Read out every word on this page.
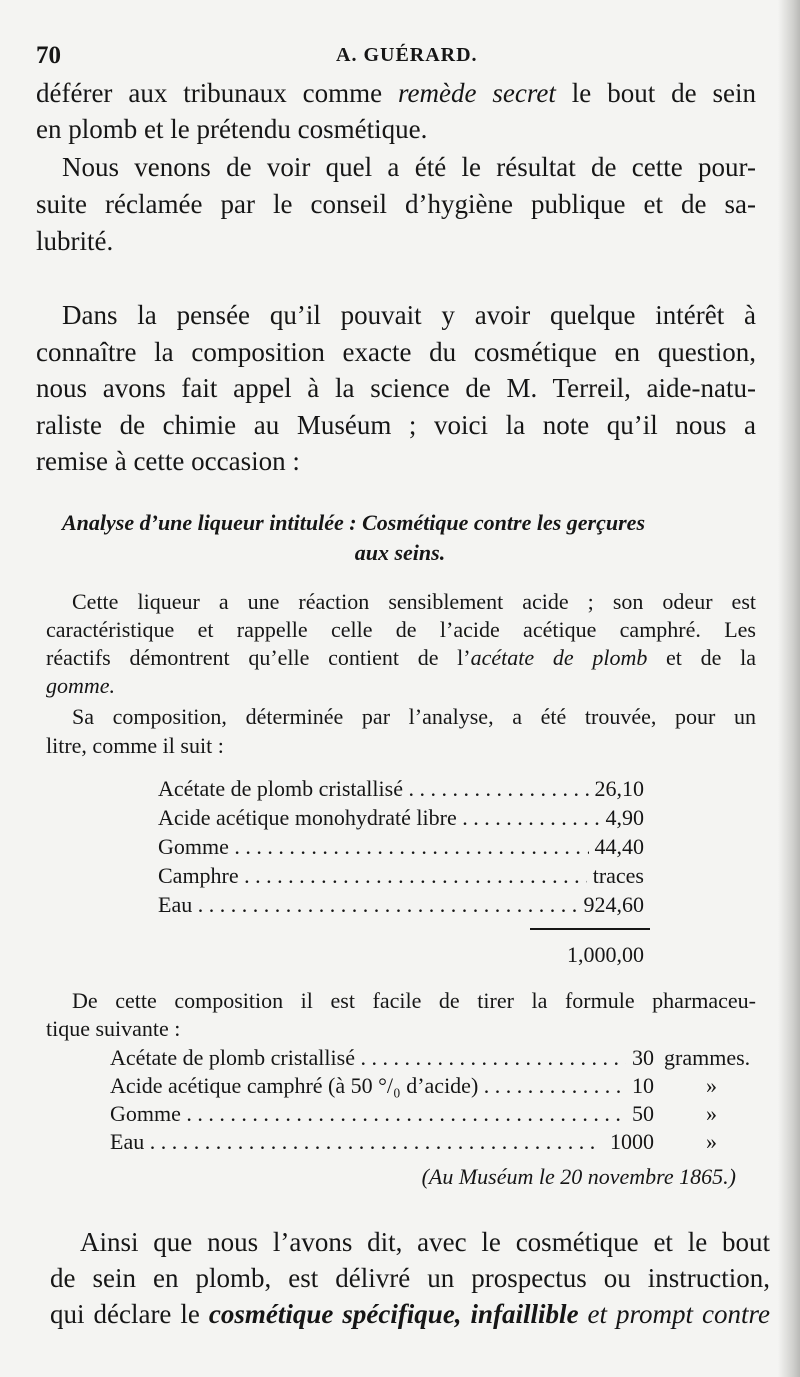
70	A. GUÉRARD.
déférer aux tribunaux comme remède secret le bout de sein
en plomb et le prétendu cosmétique.
Nous venons de voir quel a été le résultat de cette pour-
suite réclamée par le conseil d’hygiène publique et de sa-
lubrité.
Dans la pensée qu’il pouvait y avoir quelque intérêt à
connaître la composition exacte du cosmétique en question,
nous avons fait appel à la science de M. Terreil, aide-natu-
raliste de chimie au Muséum ; voici la note qu’il nous a
remise à cette occasion :
Analyse d’une liqueur intitulée : Cosmétique contre les gerçures
aux seins.
Cette liqueur a une réaction sensiblement acide ; son odeur est
caractéristique et rappelle celle de l’acide acétique camphré. Les
réactifs démontrent qu’elle contient de l’acétate de plomb et de la
gomme.
Sa composition, déterminée par l’analyse, a été trouvée, pour un
litre, comme il suit :
Acétate de plomb cristallisé . . .	26,10
Acide acétique monohydraté libre . . .	4,90
Gomme . . .	44,40
Camphre . . .	traces
Eau . . .	924,60
1,000,00
De cette composition il est facile de tirer la formule pharmaceu-
tique suivante :
Acétate de plomb cristallisé . . .	30 grammes.
Acide acétique camphré (à 50 °/₀ d’acide) . . .	10 »
Gomme . . .	50 »
Eau . . .	1000 »
(Au Muséum le 20 novembre 1865.)
Ainsi que nous l’avons dit, avec le cosmétique et le bout
de sein en plomb, est délivré un prospectus ou instruction,
qui déclare le cosmétique spécifique, infaillible et prompt contre
